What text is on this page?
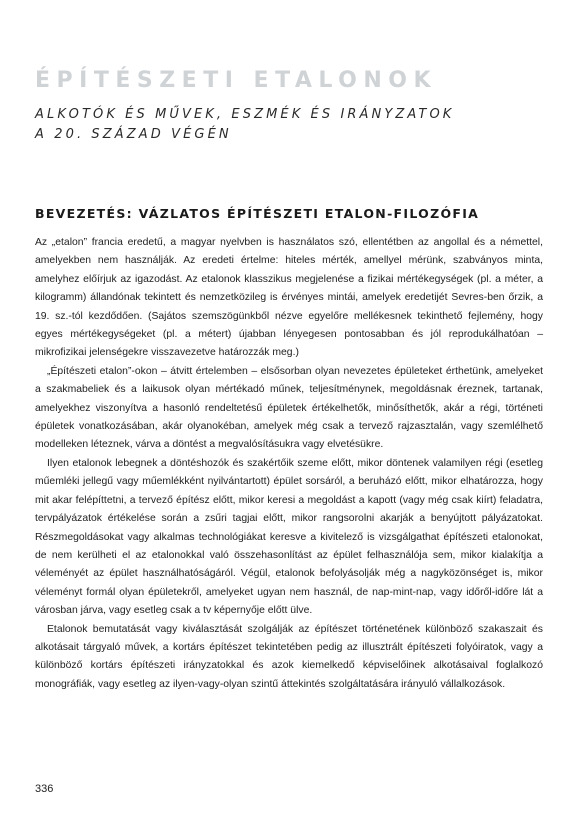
ÉPÍTÉSZETI ETALONOK
ALKOTÓK ÉS MŰVEK, ESZMÉK ÉS IRÁNYZATOK
A 20. SZÁZAD VÉGÉN
BEVEZETÉS: VÁZLATOS ÉPÍTÉSZETI ETALON-FILOZÓFIA

Az „etalon” francia eredetű, a magyar nyelvben is használatos szó, ellentétben az angollal és a némettel, amelyekben nem használják. Az eredeti értelme: hiteles mérték, amellyel mérünk, szabványos minta, amelyhez előírjuk az igazodást. Az etalonok klasszikus megjelenése a fizikai mértékegységek (pl. a méter, a kilogramm) állandónak tekintett és nemzetközileg is érvényes mintái, amelyek eredetijét Sevres-ben őrzik, a 19. sz.-tól kezdődően. (Sajátos szemszögünkből nézve egyelőre mellékesnek tekinthető fejlemény, hogy egyes mértékegységeket (pl. a métert) újabban lényegesen pontosabban és jól reprodukálhatóan – mikrofizikai jelenségekre visszavezetve határozzák meg.)

„Építészeti etalon”-okon – átvitt értelemben – elsősorban olyan nevezetes épületeket érthetünk, amelyeket a szakmabeliek és a laikusok olyan mértékadó műnek, teljesítménynek, megoldásnak éreznek, tartanak, amelyekhez viszonyítva a hasonló rendeltetésű épületek értékelhetők, minősíthetők, akár a régi, történeti épületek vonatkozásában, akár olyanokéban, amelyek még csak a tervező rajzasztalán, vagy szemlélhető modelleken léteznek, várva a döntést a megvalósításukra vagy elvetésükre.

Ilyen etalonok lebegnek a döntéshozók és szakértőik szeme előtt, mikor döntenek valamilyen régi (esetleg műemléki jellegű vagy műemlékként nyilvántartott) épület sorsáról, a beruházó előtt, mikor elhatározza, hogy mit akar felépíttetni, a tervező építész előtt, mikor keresi a megoldást a kapott (vagy még csak kiírt) feladatra, tervpályázatok értékelése során a zsűri tagjai előtt, mikor rangsorolni akarják a benyújtott pályázatokat. Részmegoldásokat vagy alkalmas technológiákat keresve a kivitelező is vizsgálgathat építészeti etalonokat, de nem kerülheti el az etalonokkal való összehasonlítást az épület felhasználója sem, mikor kialakítja a véleményét az épület használhatóságáról. Végül, etalonok befolyásolják még a nagyközönséget is, mikor véleményt formál olyan épületekről, amelyeket ugyan nem használ, de nap-mint-nap, vagy időről-időre lát a városban járva, vagy esetleg csak a tv képernyője előtt ülve.

Etalonok bemutatását vagy kiválasztását szolgálják az építészet történetének különböző szakaszait és alkotásait tárgyaló művek, a kortárs építészet tekintetében pedig az illusztrált építészeti folyóiratok, vagy a különböző kortárs építészeti irányzatokkal és azok kiemelkedő képviselőinek alkotásaival foglalkozó monográfiák, vagy esetleg az ilyen-vagy-olyan szintű áttekintés szolgáltatására irányuló vállalkozások.

336
